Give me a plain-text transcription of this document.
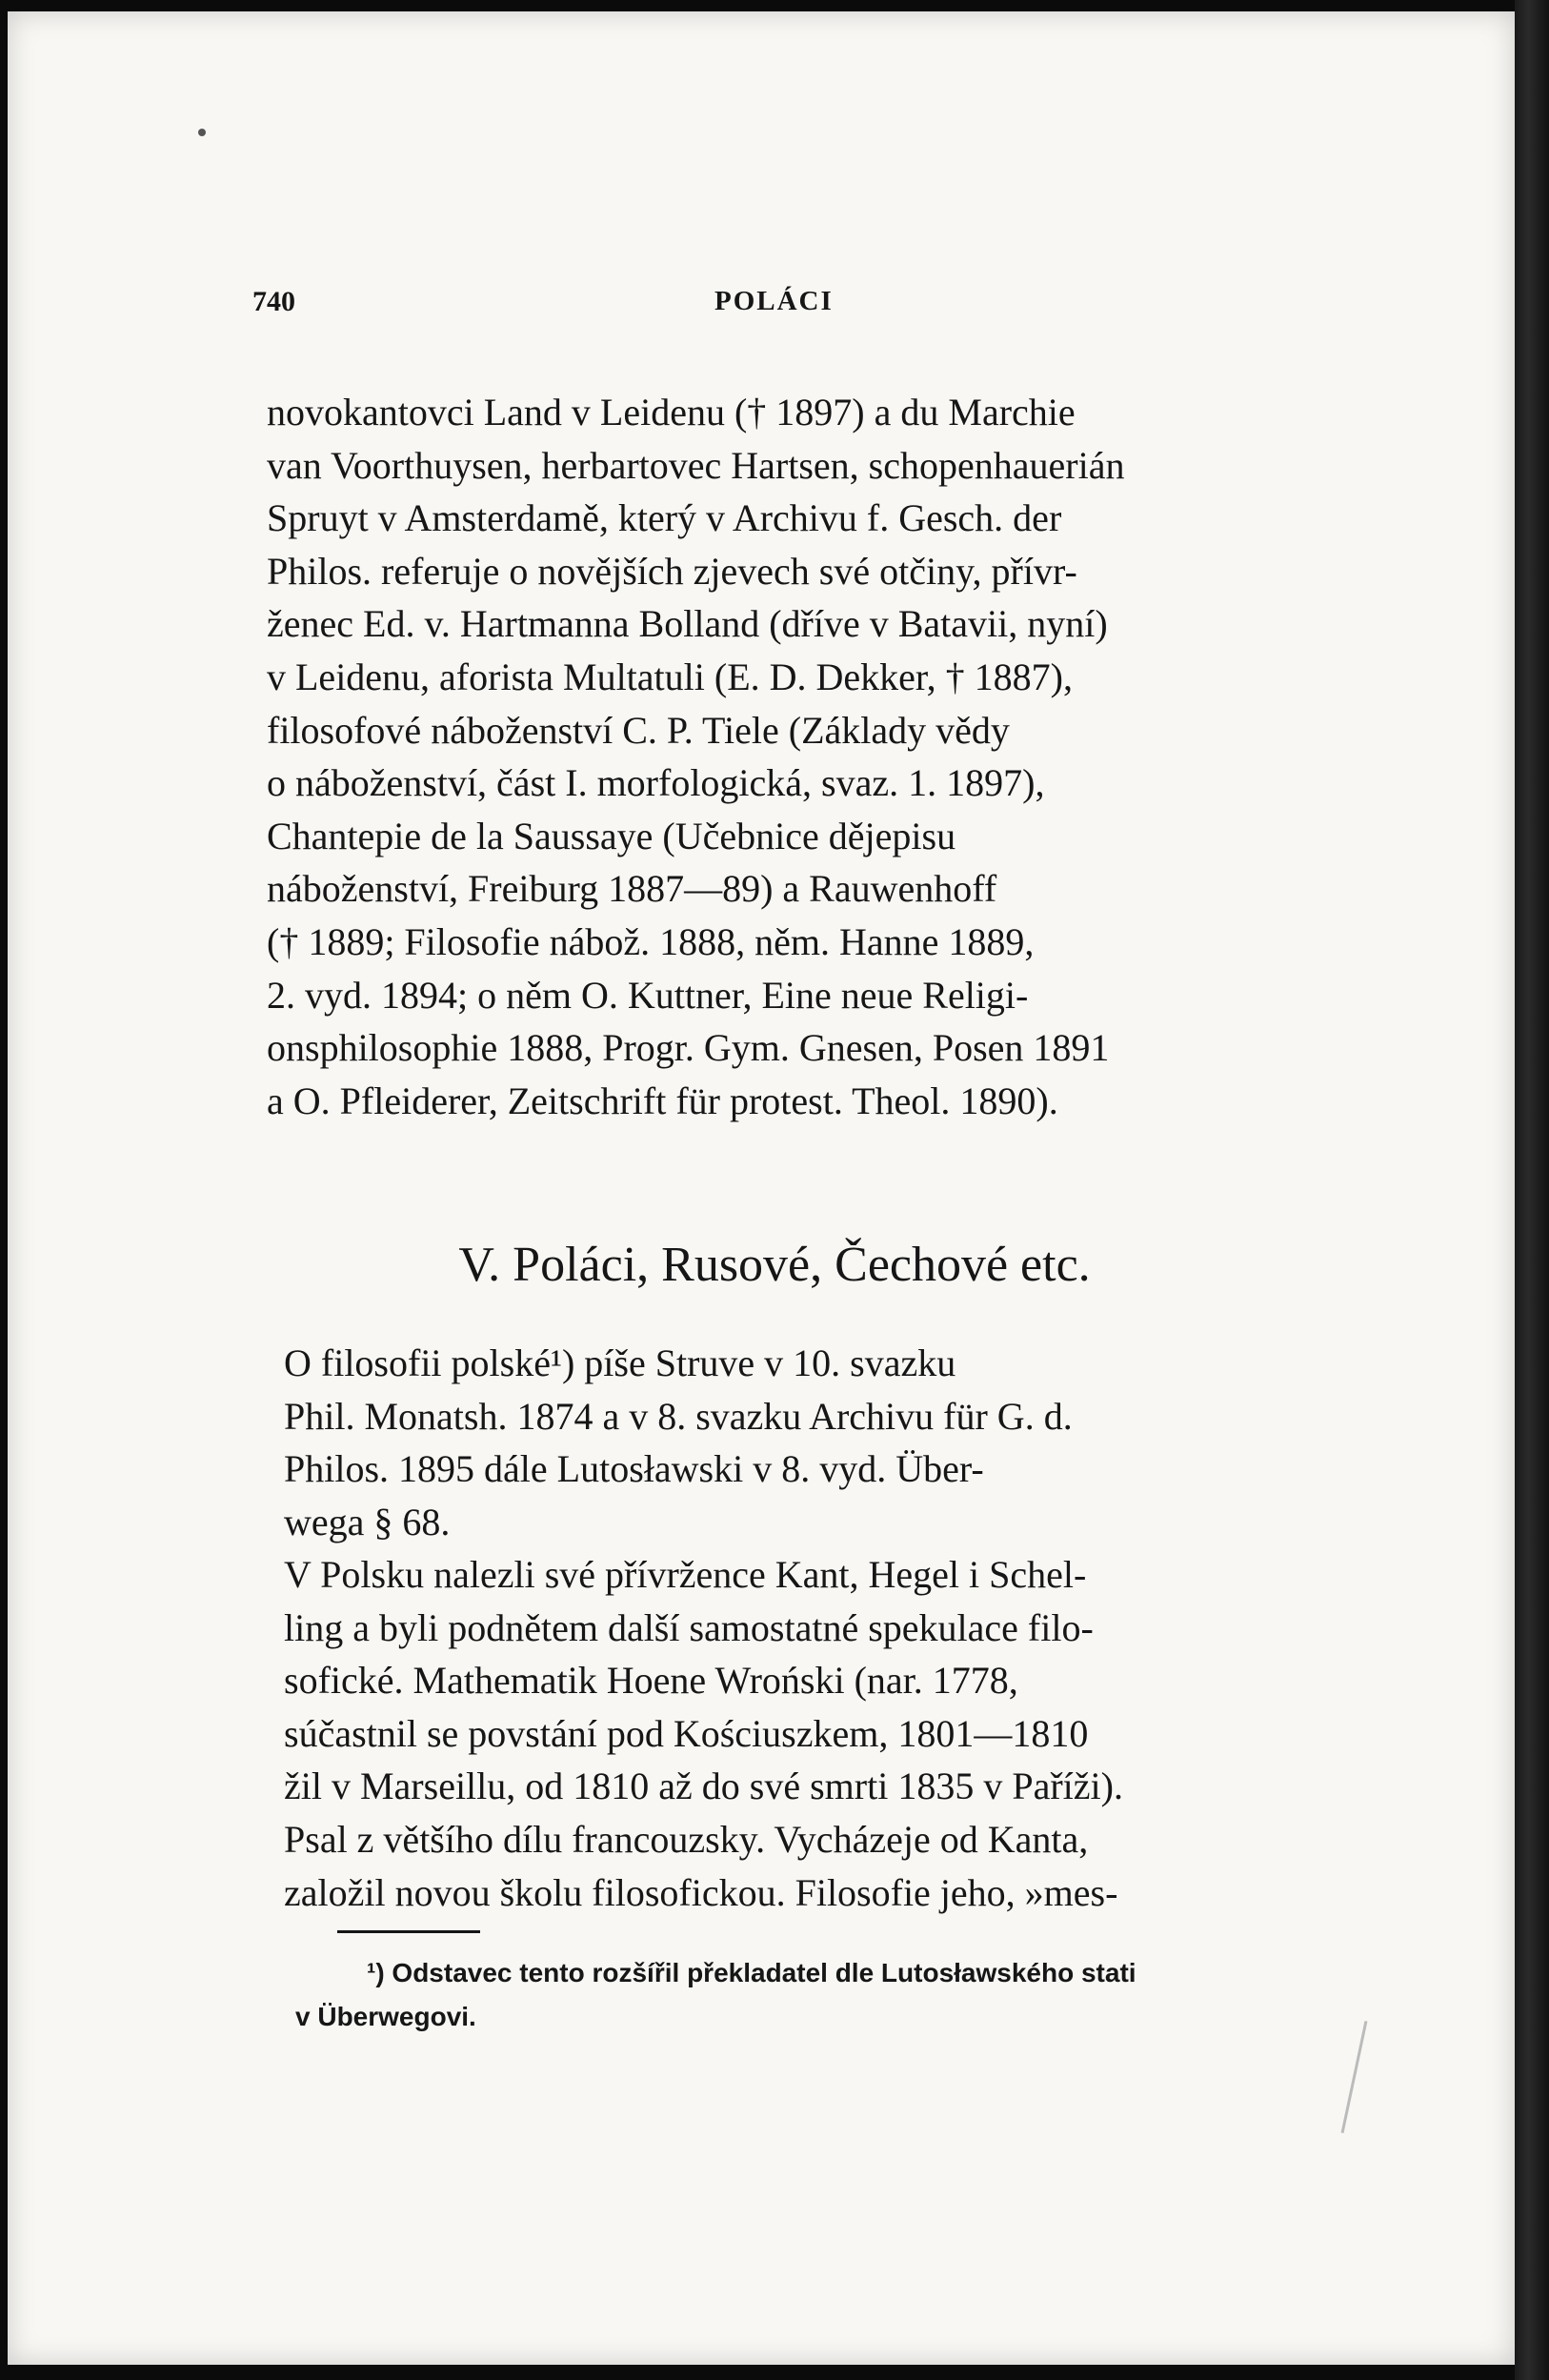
740	POLÁCI

novokantovci Land v Leidenu († 1897) a du Marchie
van Voorthuysen, herbartovec Hartsen, schopenhauerián
Spruyt v Amsterdamě, který v Archivu f. Gesch. der
Philos. referuje o novějších zjevech své otčiny, přívr-
ženec Ed. v. Hartmanna Bolland (dříve v Batavii, nyní)
v Leidenu, aforista Multatuli (E. D. Dekker, † 1887),
filosofové náboženství C. P. Tiele (Základy vědy
o náboženství, část I. morfologická, svaz. 1. 1897),
Chantepie de la Saussaye (Učebnice dějepisu
náboženství, Freiburg 1887—89) a Rauwenhoff
(† 1889; Filosofie nábož. 1888, něm. Hanne 1889,
2. vyd. 1894; o něm O. Kuttner, Eine neue Religi-
onsphilosophie 1888, Progr. Gym. Gnesen, Posen 1891
a O. Pfleiderer, Zeitschrift für protest. Theol. 1890).

V. Poláci, Rusové, Čechové etc.

O filosofii polské¹) píše Struve v 10. svazku
Phil. Monatsh. 1874 a v 8. svazku Archivu für G. d.
Philos. 1895 dále Lutosławski v 8. vyd. Über-
wega § 68.

V Polsku nalezli své přívržence Kant, Hegel i Schel-
ling a byli podnětem další samostatné spekulace filo-
sofické. Mathematik Hoene Wroński (nar. 1778,
súčastnil se povstání pod Kościuszkem, 1801—1810
žil v Marseillu, od 1810 až do své smrti 1835 v Paříži).
Psal z většího dílu francouzsky. Vycházeje od Kanta,
založil novou školu filosofickou. Filosofie jeho, »mes-

¹) Odstavec tento rozšířil překladatel dle Lutosławského stati
v Überwegovi.
